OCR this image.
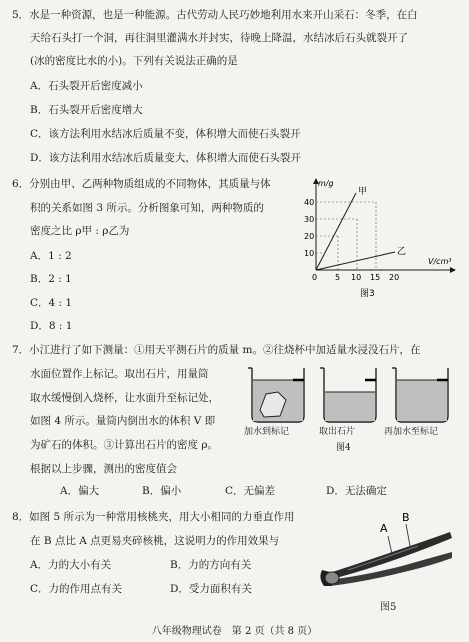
5．水是一种资源，也是一种能源。古代劳动人民巧妙地利用水来开山采石：冬季，在白
天给石头打一个洞，再往洞里灌满水并封实，待晚上降温，水结冰后石头就裂开了
(冰的密度比水的小)。下列有关说法正确的是
A．石头裂开后密度减小
B．石头裂开后密度增大
C．该方法利用水结冰后质量不变，体积增大而使石头裂开
D．该方法利用水结冰后质量变大，体积增大而使石头裂开
6．分别由甲、乙两种物质组成的不同物体，其质量与体
积的关系如图 3 所示。分析图象可知，两种物质的
密度之比 ρ甲 : ρ乙为
A．1 : 2
B．2 : 1
C．4 : 1
D．8 : 1
m/g
V/cm³
甲
乙
10
20
30
40
0 5 10 15 20
图3
7．小江进行了如下测量：①用天平测石片的质量 m。②往烧杯中加适量水浸没石片，在
水面位置作上标记。取出石片，用量筒
取水缓慢倒入烧杯，让水面升至标记处，
如图 4 所示。量筒内倒出水的体积 V 即
为矿石的体积。③计算出石片的密度 ρ。
根据以上步骤，测出的密度值会
加水到标记	取出石片	再加水至标记
图4
A．偏大	B．偏小	C．无偏差	D．无法确定
8．如图 5 所示为一种常用核桃夹，用大小相同的力垂直作用
在 B 点比 A 点更易夹碎核桃，这说明力的作用效果与
A．力的大小有关	B．力的方向有关
C．力的作用点有关	D．受力面积有关
A
B
图5
八年级物理试卷　第 2 页（共 8 页）
